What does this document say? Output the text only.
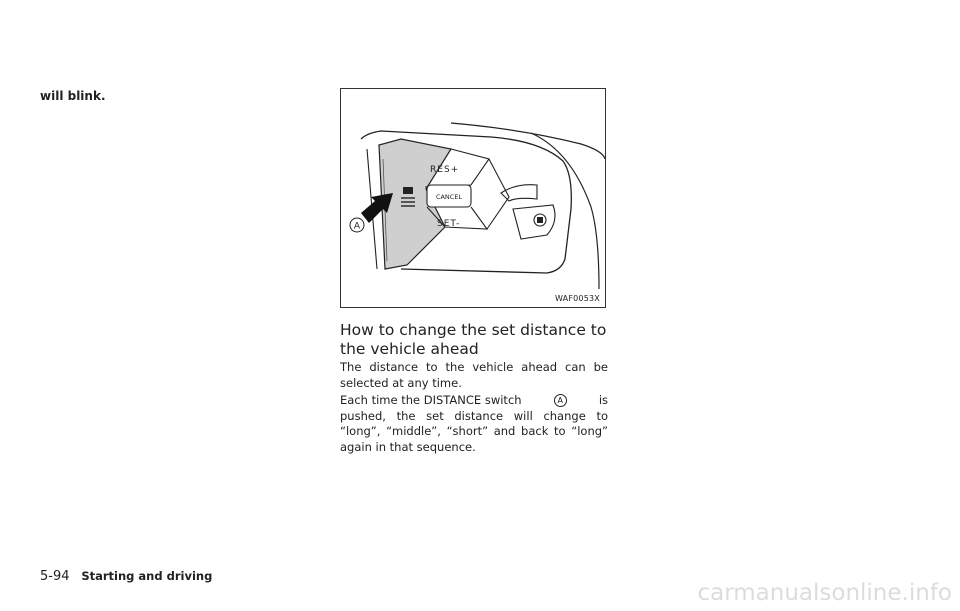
will blink.
A
RES+
CANCEL
SET-
WAF0053X
How to change the set distance to the vehicle ahead

The distance to the vehicle ahead can be selected at any time.

Each time the DISTANCE switch	A	is
pushed, the set distance will change to “long”, “middle”, “short” and back to “long” again in that sequence.
5-94 Starting and driving
carmanualsonline.info
